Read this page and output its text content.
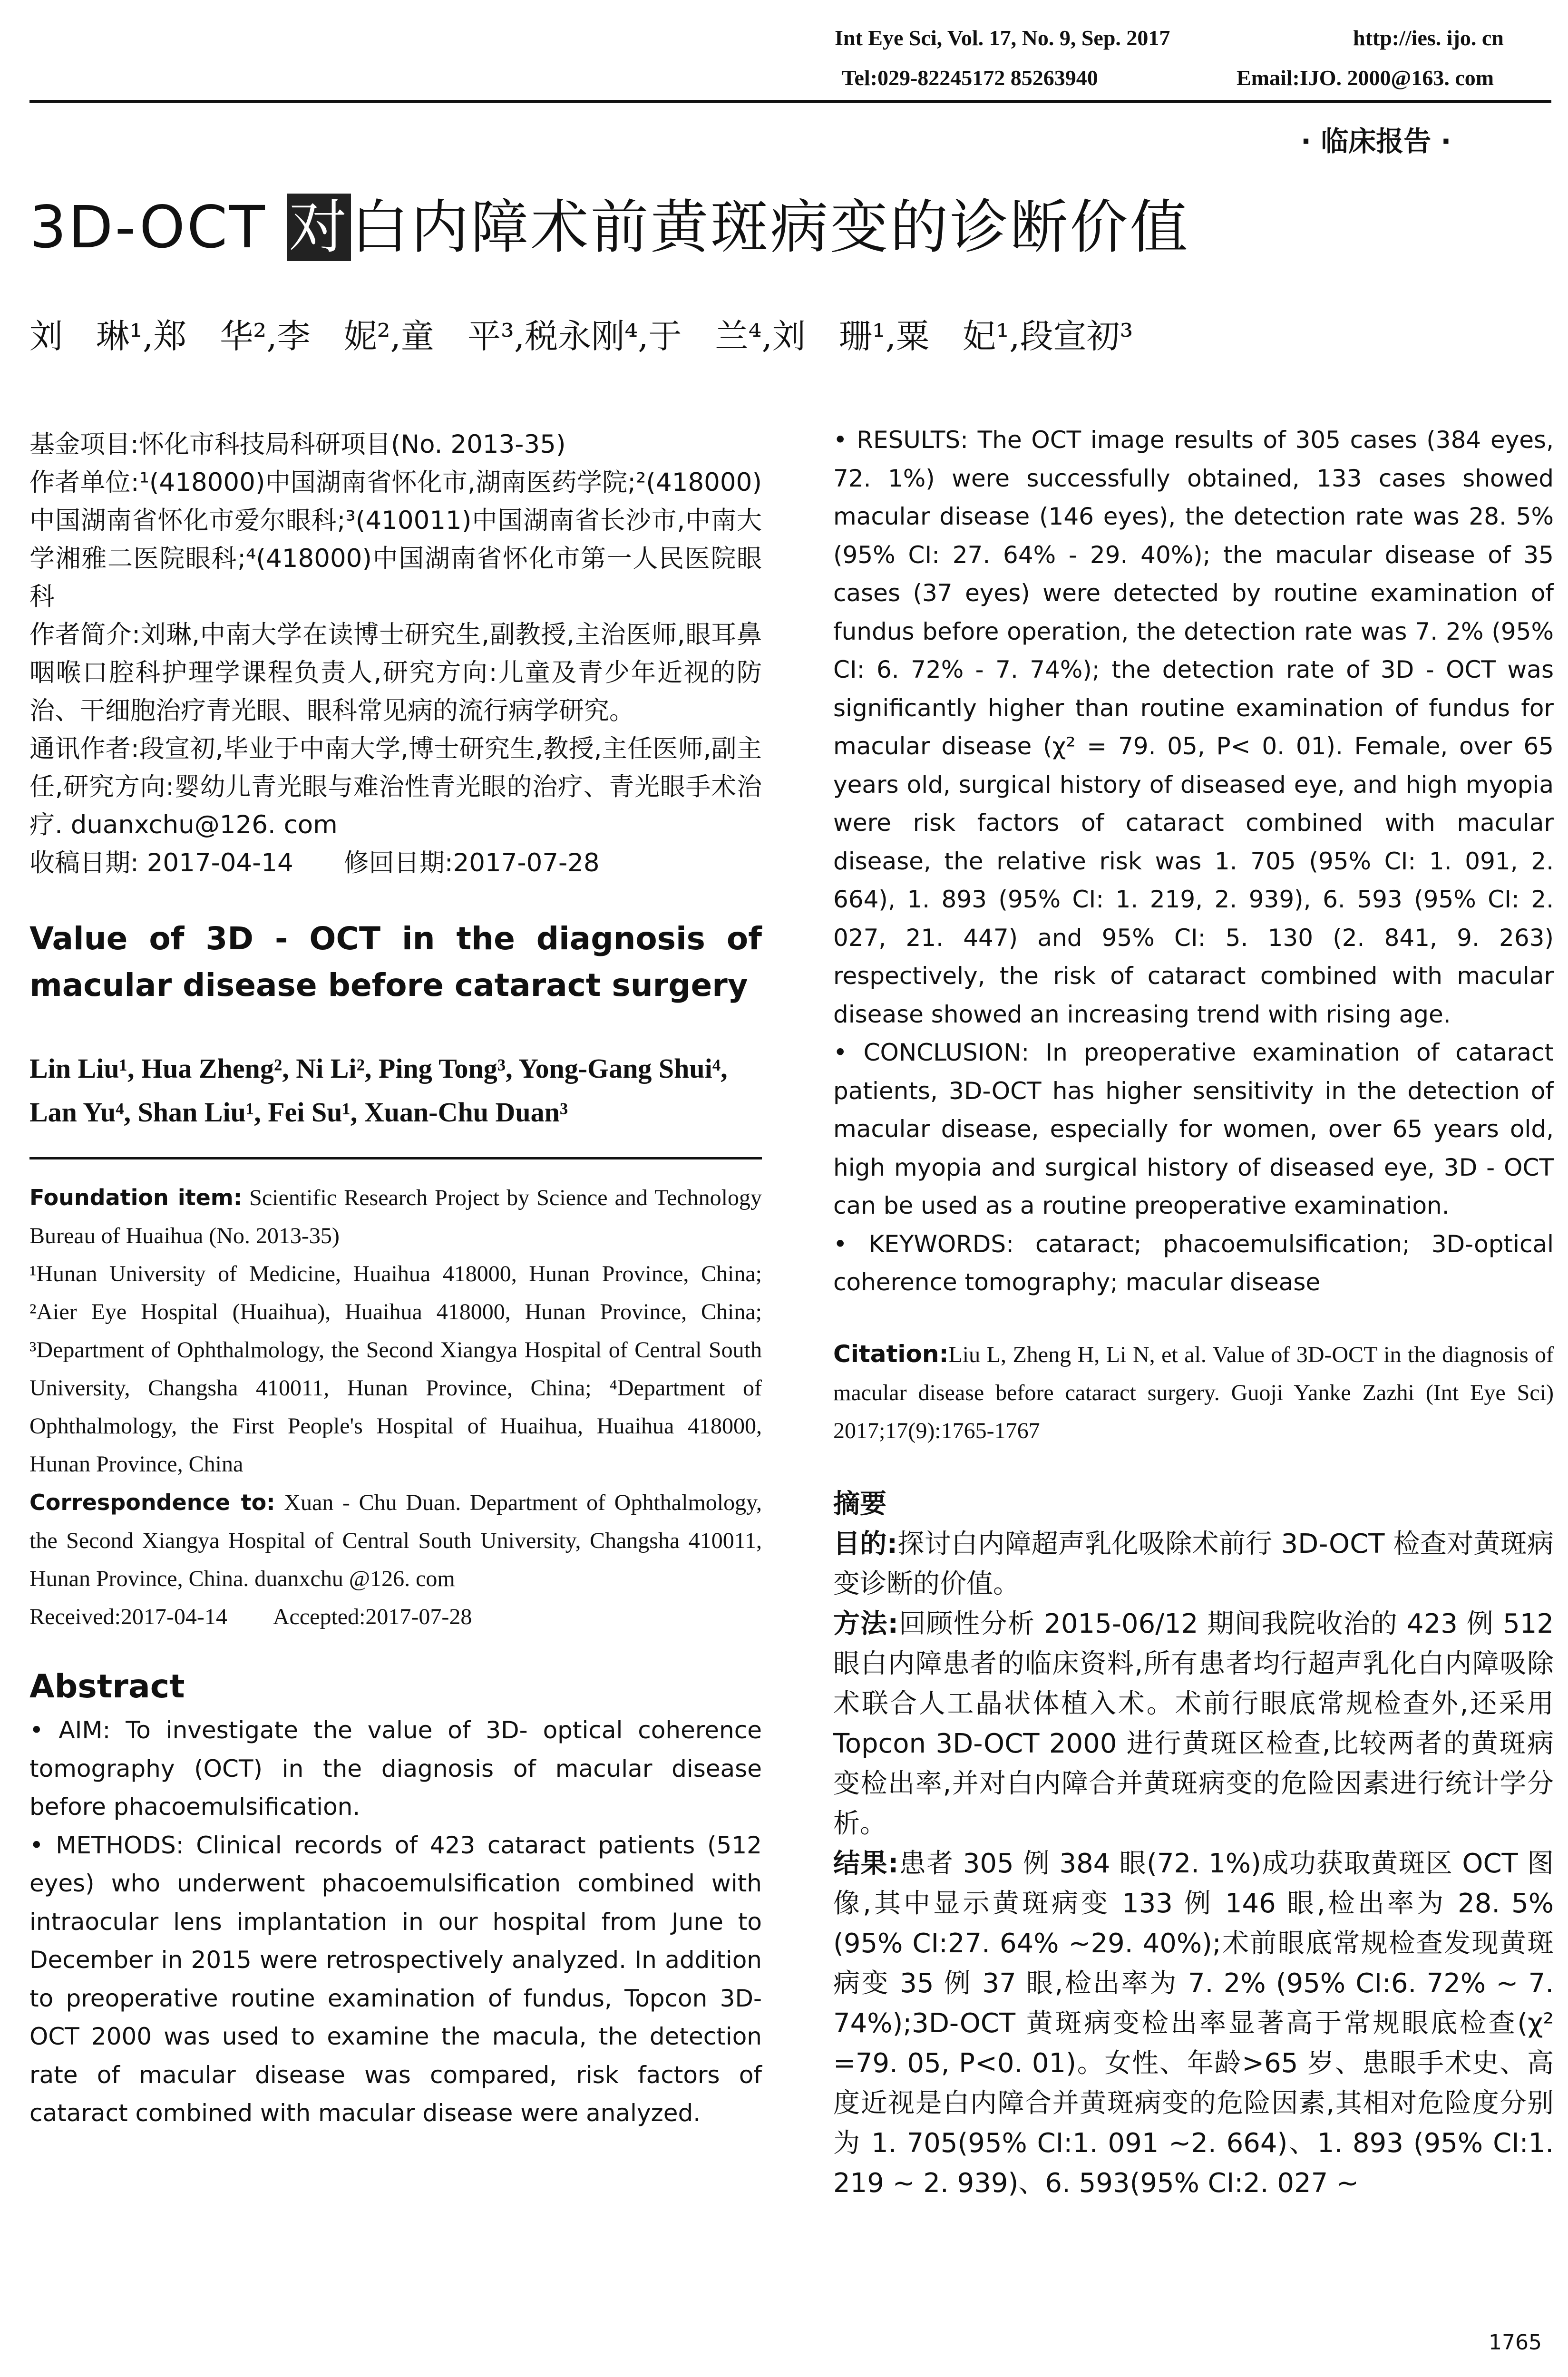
Int Eye Sci, Vol. 17, No. 9, Sep. 2017	http://ies. ijo. cn
Tel:029-82245172 85263940	Email:IJO. 2000@163. com
· 临床报告 ·
3D-OCT 对白内障术前黄斑病变的诊断价值
刘　琳¹,郑　华²,李　妮²,童　平³,税永刚⁴,于　兰⁴,刘　珊¹,粟　妃¹,段宣初³

基金项目:怀化市科技局科研项目(No. 2013-35)

作者单位:¹(418000)中国湖南省怀化市,湖南医药学院;²(418000)中国湖南省怀化市爱尔眼科;³(410011)中国湖南省长沙市,中南大学湘雅二医院眼科;⁴(418000)中国湖南省怀化市第一人民医院眼科

作者简介:刘琳,中南大学在读博士研究生,副教授,主治医师,眼耳鼻咽喉口腔科护理学课程负责人,研究方向:儿童及青少年近视的防治、干细胞治疗青光眼、眼科常见病的流行病学研究。

通讯作者:段宣初,毕业于中南大学,博士研究生,教授,主任医师,副主任,研究方向:婴幼儿青光眼与难治性青光眼的治疗、青光眼手术治疗. duanxchu@126. com

收稿日期: 2017-04-14　　修回日期:2017-07-28

Value of 3D - OCT in the diagnosis of macular disease before cataract surgery

Lin Liu¹, Hua Zheng², Ni Li², Ping Tong³, Yong-Gang Shui⁴, Lan Yu⁴, Shan Liu¹, Fei Su¹, Xuan-Chu Duan³

Foundation item: Scientific Research Project by Science and Technology Bureau of Huaihua (No. 2013-35)

¹Hunan University of Medicine, Huaihua 418000, Hunan Province, China; ²Aier Eye Hospital (Huaihua), Huaihua 418000, Hunan Province, China; ³Department of Ophthalmology, the Second Xiangya Hospital of Central South University, Changsha 410011, Hunan Province, China; ⁴Department of Ophthalmology, the First People's Hospital of Huaihua, Huaihua 418000, Hunan Province, China

Correspondence to: Xuan - Chu Duan. Department of Ophthalmology, the Second Xiangya Hospital of Central South University, Changsha 410011, Hunan Province, China. duanxchu @126. com

Received:2017-04-14　　Accepted:2017-07-28

Abstract

• AIM: To investigate the value of 3D- optical coherence tomography (OCT) in the diagnosis of macular disease before phacoemulsification.

• METHODS: Clinical records of 423 cataract patients (512 eyes) who underwent phacoemulsification combined with intraocular lens implantation in our hospital from June to December in 2015 were retrospectively analyzed. In addition to preoperative routine examination of fundus, Topcon 3D-OCT 2000 was used to examine the macula, the detection rate of macular disease was compared, risk factors of cataract combined with macular disease were analyzed.

• RESULTS: The OCT image results of 305 cases (384 eyes, 72. 1%) were successfully obtained, 133 cases showed macular disease (146 eyes), the detection rate was 28. 5% (95% CI: 27. 64% - 29. 40%); the macular disease of 35 cases (37 eyes) were detected by routine examination of fundus before operation, the detection rate was 7. 2% (95% CI: 6. 72% - 7. 74%); the detection rate of 3D - OCT was significantly higher than routine examination of fundus for macular disease (χ² = 79. 05, P< 0. 01). Female, over 65 years old, surgical history of diseased eye, and high myopia were risk factors of cataract combined with macular disease, the relative risk was 1. 705 (95% CI: 1. 091, 2. 664), 1. 893 (95% CI: 1. 219, 2. 939), 6. 593 (95% CI: 2. 027, 21. 447) and 95% CI: 5. 130 (2. 841, 9. 263) respectively, the risk of cataract combined with macular disease showed an increasing trend with rising age.

• CONCLUSION: In preoperative examination of cataract patients, 3D-OCT has higher sensitivity in the detection of macular disease, especially for women, over 65 years old, high myopia and surgical history of diseased eye, 3D - OCT can be used as a routine preoperative examination.

• KEYWORDS: cataract; phacoemulsification; 3D-optical coherence tomography; macular disease

Citation:Liu L, Zheng H, Li N, et al. Value of 3D-OCT in the diagnosis of macular disease before cataract surgery. Guoji Yanke Zazhi (Int Eye Sci) 2017;17(9):1765-1767

摘要

目的:探讨白内障超声乳化吸除术前行 3D-OCT 检查对黄斑病变诊断的价值。

方法:回顾性分析 2015-06/12 期间我院收治的 423 例 512 眼白内障患者的临床资料,所有患者均行超声乳化白内障吸除术联合人工晶状体植入术。术前行眼底常规检查外,还采用 Topcon 3D-OCT 2000 进行黄斑区检查,比较两者的黄斑病变检出率,并对白内障合并黄斑病变的危险因素进行统计学分析。

结果:患者 305 例 384 眼(72. 1%)成功获取黄斑区 OCT 图像,其中显示黄斑病变 133 例 146 眼,检出率为 28. 5% (95% CI:27. 64% ~29. 40%);术前眼底常规检查发现黄斑病变 35 例 37 眼,检出率为 7. 2% (95% CI:6. 72% ~ 7. 74%);3D-OCT 黄斑病变检出率显著高于常规眼底检查(χ² =79. 05, P<0. 01)。女性、年龄>65 岁、患眼手术史、高度近视是白内障合并黄斑病变的危险因素,其相对危险度分别为 1. 705(95% CI:1. 091 ~2. 664)、1. 893 (95% CI:1. 219 ~ 2. 939)、6. 593(95% CI:2. 027 ~

1765
